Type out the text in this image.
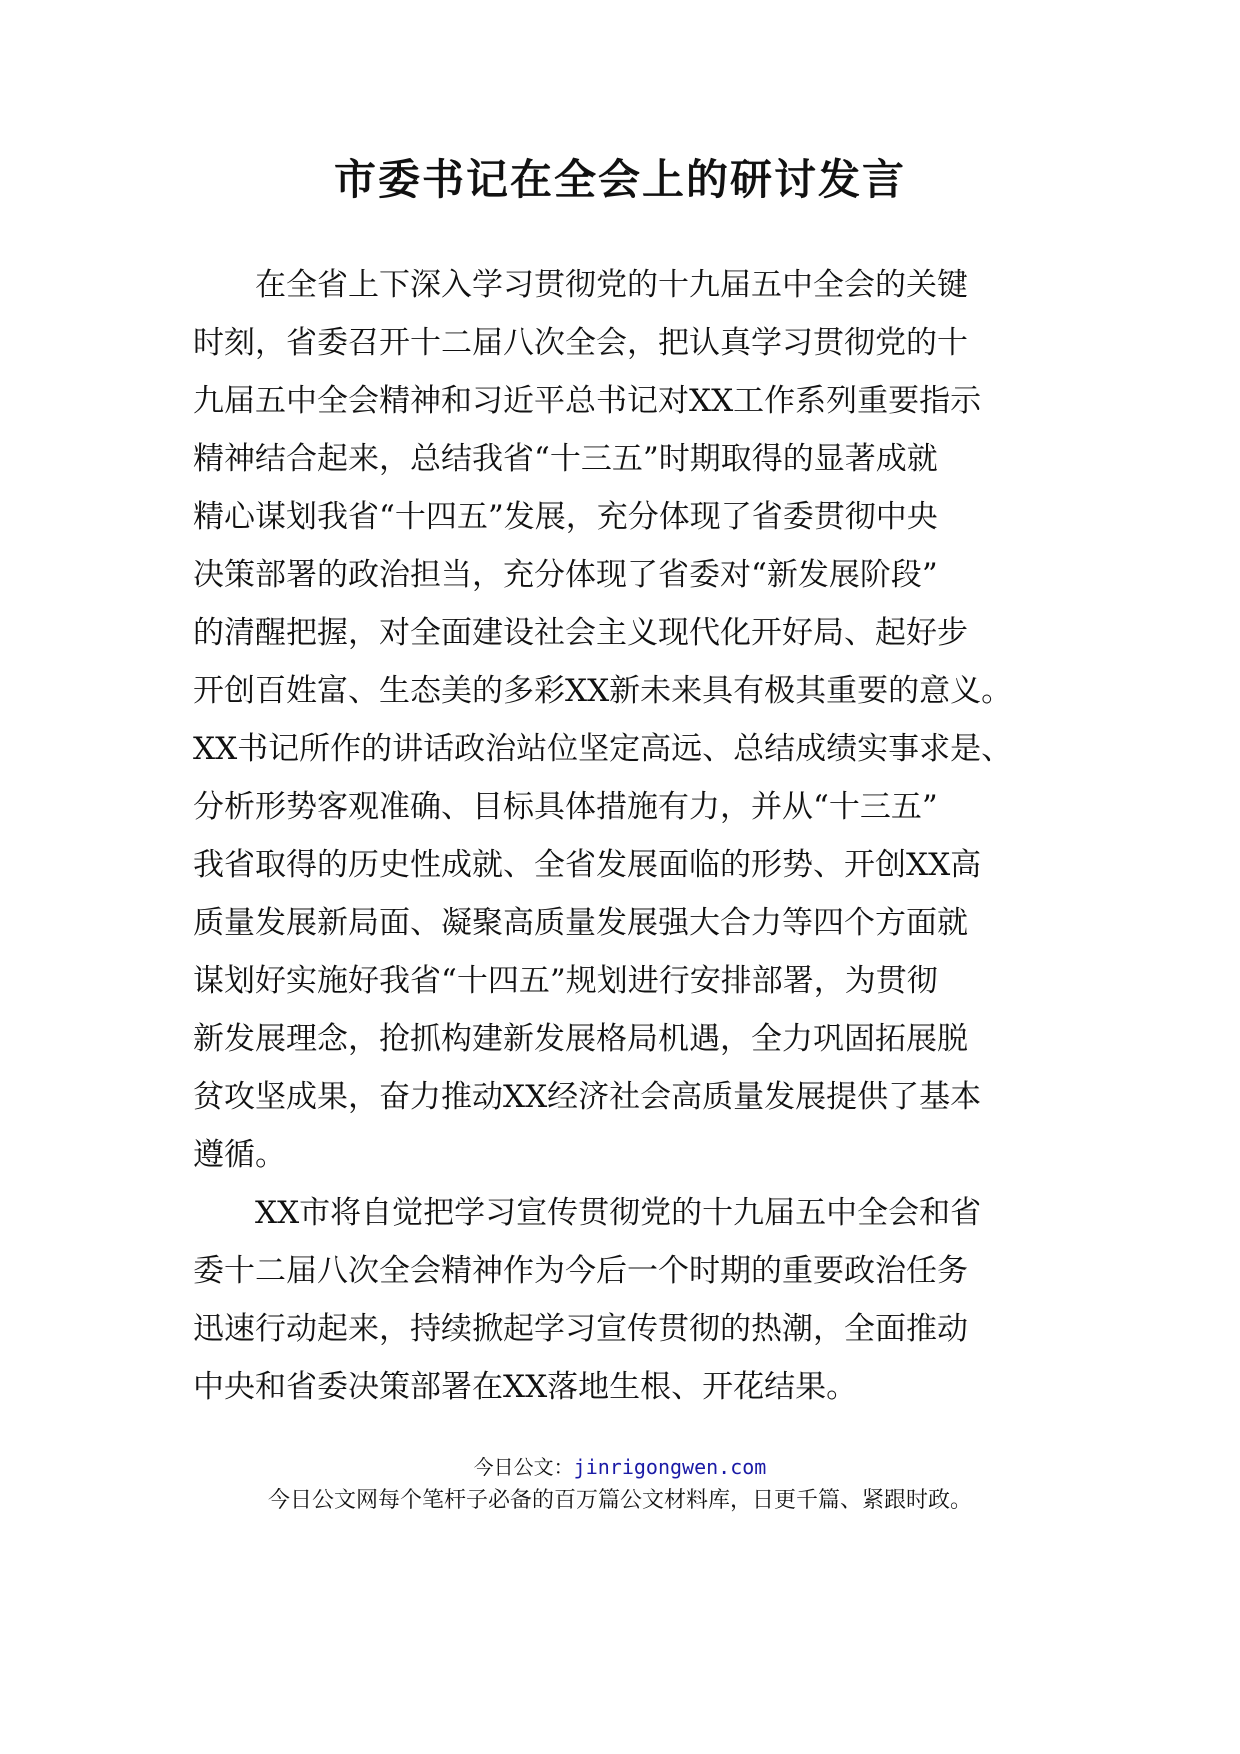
市委书记在全会上的研讨发言
　　在全省上下深入学习贯彻党的十九届五中全会的关键
时刻，省委召开十二届八次全会，把认真学习贯彻党的十
九届五中全会精神和习近平总书记对XX工作系列重要指示
精神结合起来，总结我省“十三五”时期取得的显著成就
精心谋划我省“十四五”发展，充分体现了省委贯彻中央
决策部署的政治担当，充分体现了省委对“新发展阶段”
的清醒把握，对全面建设社会主义现代化开好局、起好步
开创百姓富、生态美的多彩XX新未来具有极其重要的意义。
XX书记所作的讲话政治站位坚定高远、总结成绩实事求是、
分析形势客观准确、目标具体措施有力，并从“十三五”
我省取得的历史性成就、全省发展面临的形势、开创XX高
质量发展新局面、凝聚高质量发展强大合力等四个方面就
谋划好实施好我省“十四五”规划进行安排部署，为贯彻
新发展理念，抢抓构建新发展格局机遇，全力巩固拓展脱
贫攻坚成果，奋力推动XX经济社会高质量发展提供了基本
遵循。
　　XX市将自觉把学习宣传贯彻党的十九届五中全会和省
委十二届八次全会精神作为今后一个时期的重要政治任务
迅速行动起来，持续掀起学习宣传贯彻的热潮，全面推动
中央和省委决策部署在XX落地生根、开花结果。
今日公文：jinrigongwen.com
今日公文网每个笔杆子必备的百万篇公文材料库，日更千篇、紧跟时政。
